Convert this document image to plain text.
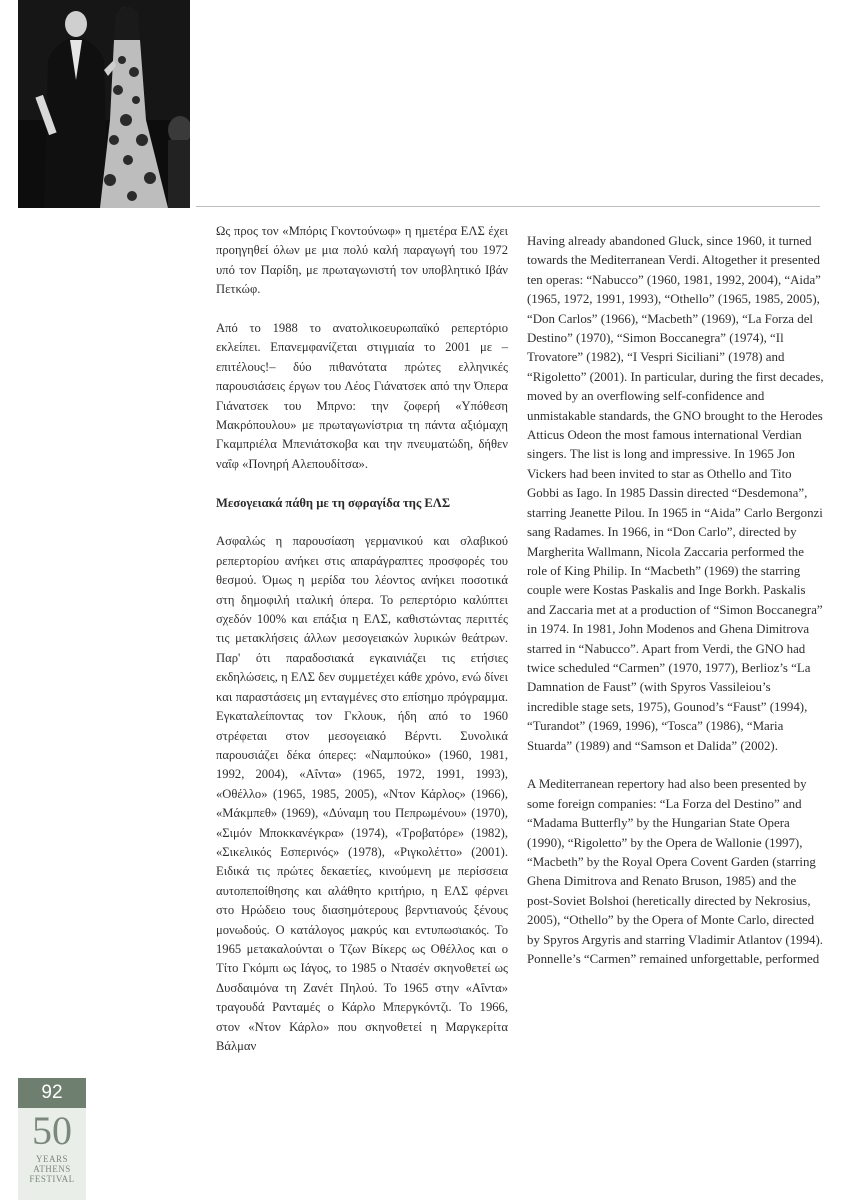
Ως προς τον «Μπόρις Γκοντούνωφ» η ημετέρα ΕΛΣ έχει προηγηθεί όλων με μια πολύ καλή παραγωγή του 1972 υπό τον Παρίδη, με πρωταγωνιστή τον υποβλητικό Ιβάν Πετκώφ.

Από το 1988 το ανατολικοευρωπαϊκό ρεπερτόριο εκλείπει. Επανεμφανίζεται στιγμιαία το 2001 με –επιτέλους!– δύο πιθανότατα πρώτες ελληνικές παρουσιάσεις έργων του Λέος Γιάνατσεκ από την Όπερα Γιάνατσεκ του Μπρνο: την ζοφερή «Υπόθεση Μακρόπουλου» με πρωταγωνίστρια τη πάντα αξιόμαχη Γκαμπριέλα Μπενιάτσκοβα και την πνευματώδη, δήθεν ναΐφ «Πονηρή Αλεπουδίτσα».

Μεσογειακά πάθη με τη σφραγίδα της ΕΛΣ

Ασφαλώς η παρουσίαση γερμανικού και σλαβικού ρεπερτορίου ανήκει στις απαράγραπτες προσφορές του θεσμού. Όμως η μερίδα του λέοντος ανήκει ποσοτικά στη δημοφιλή ιταλική όπερα. Το ρεπερτόριο καλύπτει σχεδόν 100% και επάξια η ΕΛΣ, καθιστώντας περιττές τις μετακλήσεις άλλων μεσογειακών λυρικών θεάτρων. Παρ' ότι παραδοσιακά εγκαινιάζει τις ετήσιες εκδηλώσεις, η ΕΛΣ δεν συμμετέχει κάθε χρόνο, ενώ δίνει και παραστάσεις μη ενταγμένες στο επίσημο πρόγραμμα. Εγκαταλείποντας τον Γκλουκ, ήδη από το 1960 στρέφεται στον μεσογειακό Βέρντι. Συνολικά παρουσιάζει δέκα όπερες: «Ναμπούκο» (1960, 1981, 1992, 2004), «Αΐντα» (1965, 1972, 1991, 1993), «Οθέλλο» (1965, 1985, 2005), «Ντον Κάρλος» (1966), «Μάκμπεθ» (1969), «Δύναμη του Πεπρωμένου» (1970), «Σιμόν Μποκκανέγκρα» (1974), «Τροβατόρε» (1982), «Σικελικός Εσπερινός» (1978), «Ριγκολέττο» (2001). Ειδικά τις πρώτες δεκαετίες, κινούμενη με περίσσεια αυτοπεποίθησης και αλάθητο κριτήριο, η ΕΛΣ φέρνει στο Ηρώδειο τους διασημότερους βερντιανούς ξένους μονωδούς. Ο κατάλογος μακρύς και εντυπωσιακός. Το 1965 μετακαλούνται ο Τζων Βίκερς ως Οθέλλος και ο Τίτο Γκόμπι ως Ιάγος, το 1985 ο Ντασέν σκηνοθετεί ως Δυσδαιμόνα τη Ζανέτ Πηλού. Το 1965 στην «Αΐντα» τραγουδά Ρανταμές ο Κάρλο Μπεργκόντζι. Το 1966, στον «Ντον Κάρλο» που σκηνοθετεί η Μαργκερίτα Βάλμαν

Having already abandoned Gluck, since 1960, it turned towards the Mediterranean Verdi. Altogether it presented ten operas: “Nabucco” (1960, 1981, 1992, 2004), “Aida” (1965, 1972, 1991, 1993), “Othello” (1965, 1985, 2005), “Don Carlos” (1966), “Macbeth” (1969), “La Forza del Destino” (1970), “Simon Boccanegra” (1974), “Il Trovatore” (1982), “I Vespri Siciliani” (1978) and “Rigoletto” (2001). In particular, during the first decades, moved by an overflowing self-confidence and unmistakable standards, the GNO brought to the Herodes Atticus Odeon the most famous international Verdian singers. The list is long and impressive. In 1965 Jon Vickers had been invited to star as Othello and Tito Gobbi as Iago. In 1985 Dassin directed “Desdemona”, starring Jeanette Pilou. In 1965 in “Aida” Carlo Bergonzi sang Radames. In 1966, in “Don Carlo”, directed by Margherita Wallmann, Nicola Zaccaria performed the role of King Philip. In “Macbeth” (1969) the starring couple were Kostas Paskalis and Inge Borkh. Paskalis and Zaccaria met at a production of “Simon Boccanegra” in 1974. In 1981, John Modenos and Ghena Dimitrova starred in “Nabucco”. Apart from Verdi, the GNO had twice scheduled “Carmen” (1970, 1977), Berlioz’s “La Damnation de Faust” (with Spyros Vassileiou’s incredible stage sets, 1975), Gounod’s “Faust” (1994), “Turandot” (1969, 1996), “Tosca” (1986), “Maria Stuarda” (1989) and “Samson et Dalida” (2002).

A Mediterranean repertory had also been presented by some foreign companies: “La Forza del Destino” and “Madama Butterfly” by the Hungarian State Opera (1990), “Rigoletto” by the Opera de Wallonie (1997), “Macbeth” by the Royal Opera Covent Garden (starring Ghena Dimitrova and Renato Bruson, 1985) and the post-Soviet Bolshoi (heretically directed by Nekrosius, 2005), “Othello” by the Opera of Monte Carlo, directed by Spyros Argyris and starring Vladimir Atlantov (1994). Ponnelle’s “Carmen” remained unforgettable, performed

92
50
YEARS
ATHENS
FESTIVAL
